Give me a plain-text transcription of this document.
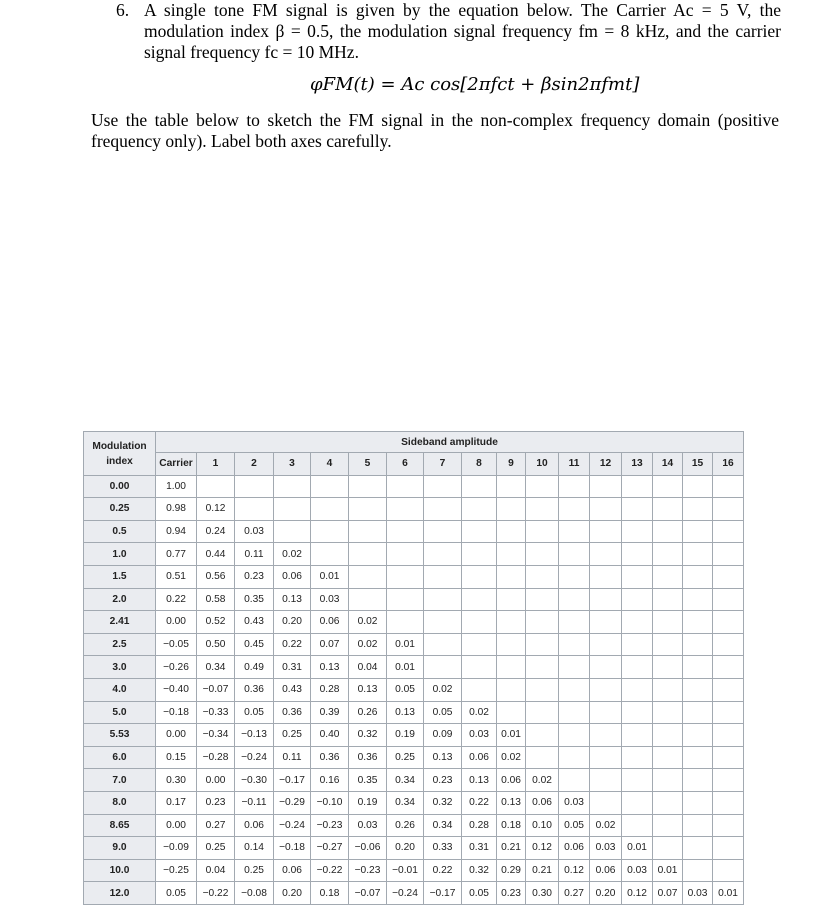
6. A single tone FM signal is given by the equation below. The Carrier Ac = 5 V, the modulation index β = 0.5, the modulation signal frequency fm = 8 kHz, and the carrier signal frequency fc = 10 MHz.
φFM(t) = Ac cos[2πfct + βsin2πfmt]
Use the table below to sketch the FM signal in the non-complex frequency domain (positive frequency only). Label both axes carefully.
Modulation
index	Sideband amplitude																
	Carrier	1	2	3	4	5	6	7	8	9	10	11	12	13	14	15	16
0.00	1.00																
0.25	0.98	0.12															
0.5	0.94	0.24	0.03														
1.0	0.77	0.44	0.11	0.02													
1.5	0.51	0.56	0.23	0.06	0.01												
2.0	0.22	0.58	0.35	0.13	0.03												
2.41	0.00	0.52	0.43	0.20	0.06	0.02											
2.5	−0.05	0.50	0.45	0.22	0.07	0.02	0.01										
3.0	−0.26	0.34	0.49	0.31	0.13	0.04	0.01										
4.0	−0.40	−0.07	0.36	0.43	0.28	0.13	0.05	0.02									
5.0	−0.18	−0.33	0.05	0.36	0.39	0.26	0.13	0.05	0.02								
5.53	0.00	−0.34	−0.13	0.25	0.40	0.32	0.19	0.09	0.03	0.01							
6.0	0.15	−0.28	−0.24	0.11	0.36	0.36	0.25	0.13	0.06	0.02							
7.0	0.30	0.00	−0.30	−0.17	0.16	0.35	0.34	0.23	0.13	0.06	0.02						
8.0	0.17	0.23	−0.11	−0.29	−0.10	0.19	0.34	0.32	0.22	0.13	0.06	0.03					
8.65	0.00	0.27	0.06	−0.24	−0.23	0.03	0.26	0.34	0.28	0.18	0.10	0.05	0.02				
9.0	−0.09	0.25	0.14	−0.18	−0.27	−0.06	0.20	0.33	0.31	0.21	0.12	0.06	0.03	0.01			
10.0	−0.25	0.04	0.25	0.06	−0.22	−0.23	−0.01	0.22	0.32	0.29	0.21	0.12	0.06	0.03	0.01		
12.0	0.05	−0.22	−0.08	0.20	0.18	−0.07	−0.24	−0.17	0.05	0.23	0.30	0.27	0.20	0.12	0.07	0.03	0.01
